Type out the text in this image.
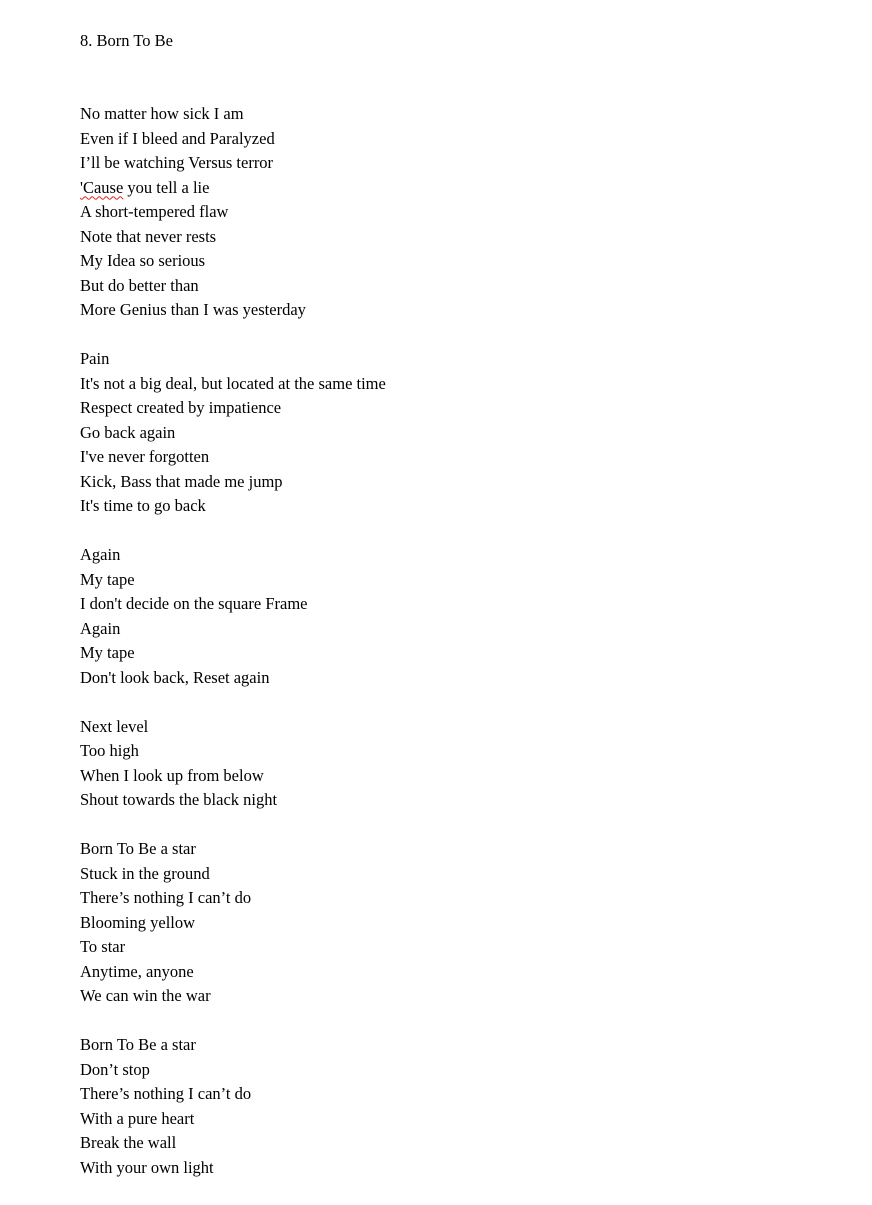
8. Born To Be
No matter how sick I am
Even if I bleed and Paralyzed
I’ll be watching Versus terror
'Cause you tell a lie
A short-tempered flaw
Note that never rests
My Idea so serious
But do better than
More Genius than I was yesterday
Pain
It's not a big deal, but located at the same time
Respect created by impatience
Go back again
I've never forgotten
Kick, Bass that made me jump
It's time to go back
Again
My tape
I don't decide on the square Frame
Again
My tape
Don't look back, Reset again
Next level
Too high
When I look up from below
Shout towards the black night
Born To Be a star
Stuck in the ground
There’s nothing I can’t do
Blooming yellow
To star
Anytime, anyone
We can win the war
Born To Be a star
Don’t stop
There’s nothing I can’t do
With a pure heart
Break the wall
With your own light
